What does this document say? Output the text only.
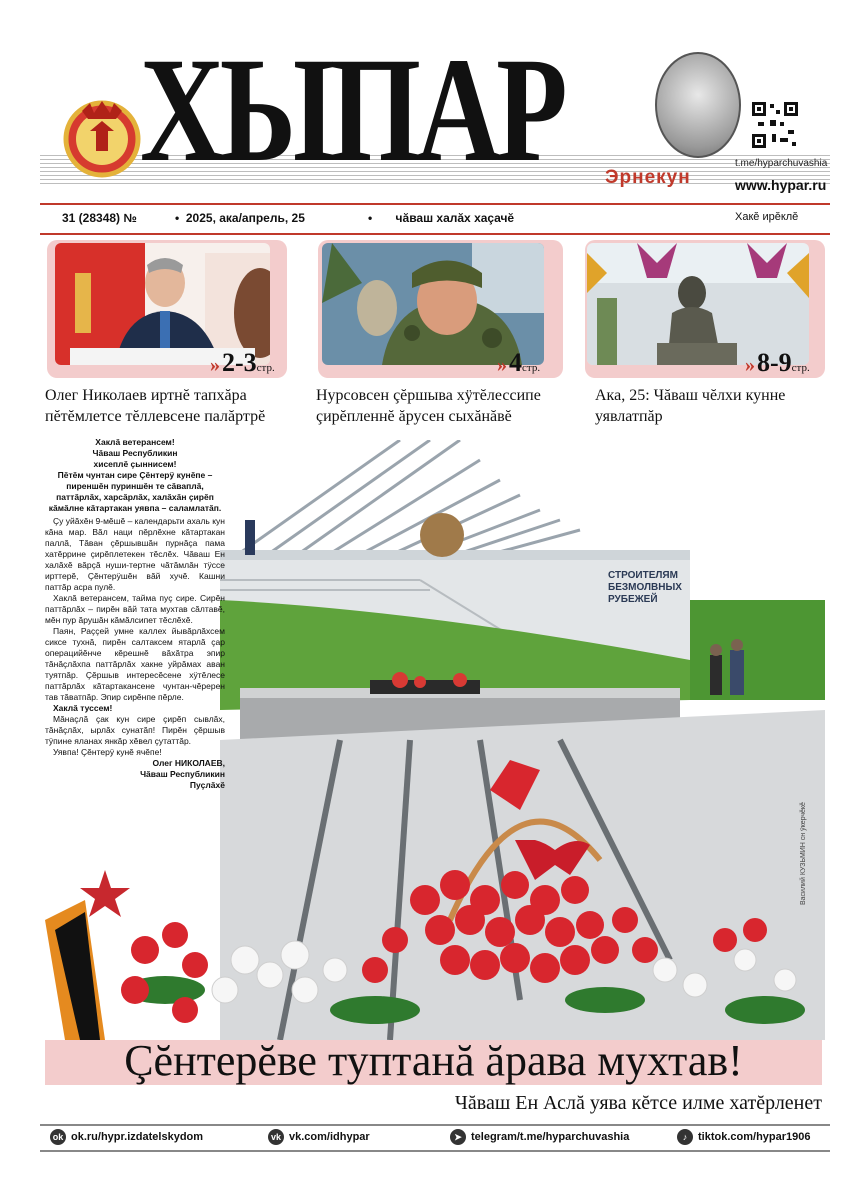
ХЫПАР	t.me/hyparchuvashia
Эрнекун	www.hypar.ru
31 (28348) №	•  2025, ака/апрель, 25	•       чăваш халăх хаçачĕ	Хакĕ ирĕклĕ
»2-3стр.
Олег Николаев иртнĕ тапхăра
пĕтĕмлетсе тĕллевсене палăртрĕ
»4стр.
Нурсовсен çĕршыва хÿтĕлессипе
çирĕпленнĕ ăрусен сыхăнăвĕ
»8-9стр.
Ака, 25: Чăваш чĕлхи кунне
уявлатпăр
СТРОИТЕЛЯМ БЕЗМОЛВНЫХ РУБЕЖЕЙ
Василий КУЗЬМИН сн ÿкерчĕкĕ
Хаклă ветерансем!
Чăваш Республикин
хисеплĕ çыннисем!
Пĕтĕм чунтан сире Çĕнтерÿ кунĕпе – пиреншĕн пуриншĕн те сăваплă, паттăрлăх, харсăрлăх, халăхăн çирĕп кăмăлне кăтартакан уявпа – саламлатăп.

Çу уйăхĕн 9-мĕшĕ – календарьти ахаль кун кăна мар. Вăл наци пĕрлĕхне кăтартакан паллă, Тăван çĕршывшăн пурнăçа пама хатĕррине çирĕплетекен тĕслĕх. Чăваш Ен халăхĕ вăрçă нуши-тертне чăтăмлăн тÿссе ирттерĕ, Çĕнтерÿшĕн вăй хучĕ. Кашни паттăр асра пулĕ.

Хаклă ветерансем, тайма пуç сире. Сирĕн паттăрлăх – пирĕн вăй тата мухтав сăлтавĕ, мĕн пур ăрушăн кăмăлсипет тĕслĕхĕ.

Паян, Раççей умне каллех йывăрлăхсем сиксе тухнă, пирĕн салтаксем ятарлă çар операцийĕнче кĕрешнĕ вăхăтра эпир тăнăçлăхпа паттăрлăх хакне уйрăмах аван туятпăр. Çĕршыв интересĕсене хÿтĕлесе паттăрлăх кăтартакансене чунтан-чĕререн тав тăватпăр. Эпир сирĕнпе пĕрле.

Хаклă туссем!

Мăнаçлă çак кун сире çирĕп сывлăх, тăнăçлăх, ырлăх сунатăп! Пирĕн çĕршыв тÿпине яланах янкăр хĕвел çутаттăр.

Уявпа! Çĕнтерÿ кунĕ ячĕпе!

Олег НИКОЛАЕВ,
Чăваш Республикин
Пуçлăхĕ
Çĕнтерĕве туптанă ăрава мухтав!
Чăваш Ен Аслă уява кĕтсе илме хатĕрленет
ok ok.ru/hypr.izdatelskydom	vk vk.com/idhypar	➤ telegram/t.me/hyparchuvashia	♪ tiktok.com/hypar1906
